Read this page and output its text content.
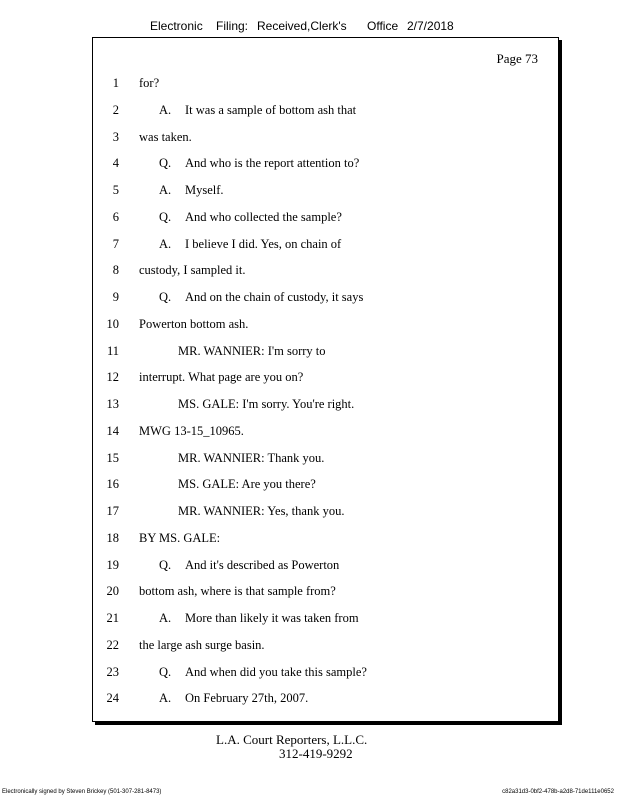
Electronic Filing: Received,Clerk's Office 2/7/2018
Page 73
1 for?
2	A. It was a sample of bottom ash that
3 was taken.
4	Q. And who is the report attention to?
5	A. Myself.
6	Q. And who collected the sample?
7	A. I believe I did. Yes, on chain of
8 custody, I sampled it.
9	Q. And on the chain of custody, it says
10 Powerton bottom ash.
11	MR. WANNIER: I'm sorry to
12 interrupt. What page are you on?
13	MS. GALE: I'm sorry. You're right.
14 MWG 13-15_10965.
15	MR. WANNIER: Thank you.
16	MS. GALE: Are you there?
17	MR. WANNIER: Yes, thank you.
18 BY MS. GALE:
19	Q. And it's described as Powerton
20 bottom ash, where is that sample from?
21	A. More than likely it was taken from
22 the large ash surge basin.
23	Q. And when did you take this sample?
24	A. On February 27th, 2007.
L.A. Court Reporters, L.L.C.
312-419-9292
Electronically signed by Steven Brickey (501-307-281-8473)	c82a31d3-0bf2-478b-a2d8-71de111e0652
